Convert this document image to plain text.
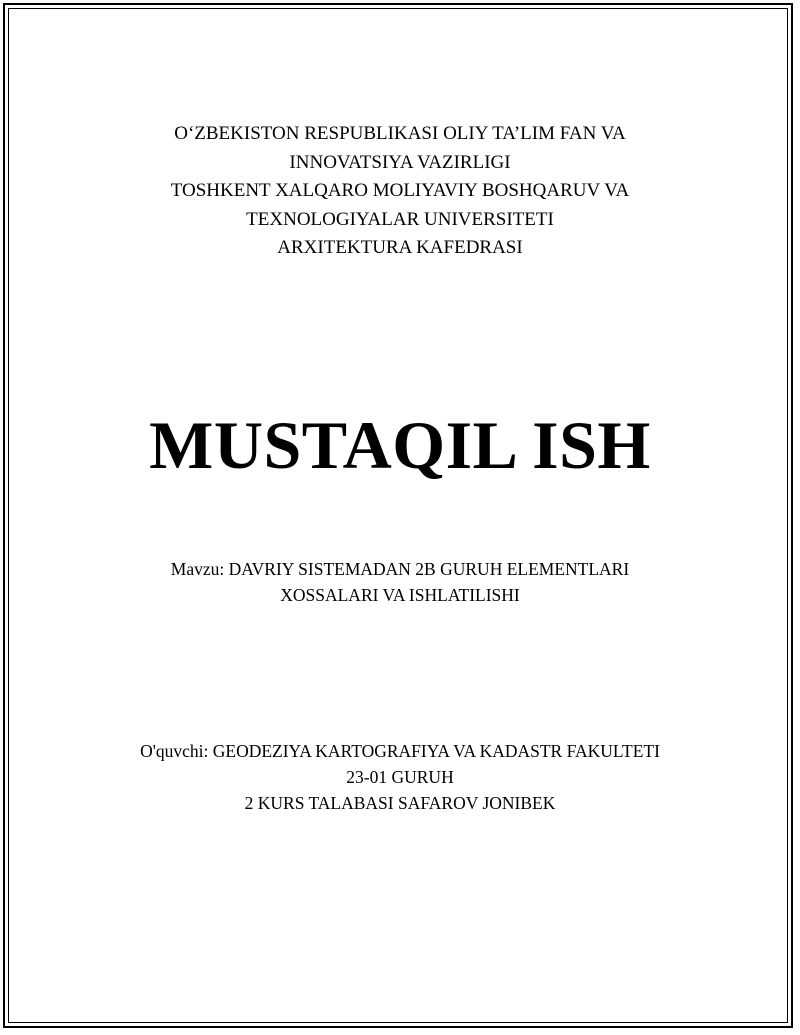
O‘ZBEKISTON RESPUBLIKASI OLIY TA’LIM FAN VA
INNOVATSIYA VAZIRLIGI
TOSHKENT XALQARO MOLIYAVIY BOSHQARUV VA
TEXNOLOGIYALAR UNIVERSITETI
ARXITEKTURA KAFEDRASI
MUSTAQIL ISH
Mavzu: DAVRIY SISTEMADAN 2B GURUH ELEMENTLARI
XOSSALARI VA ISHLATILISHI
O'quvchi: GEODEZIYA KARTOGRAFIYA VA KADASTR FAKULTETI
23-01 GURUH
2 KURS TALABASI SAFAROV JONIBEK
